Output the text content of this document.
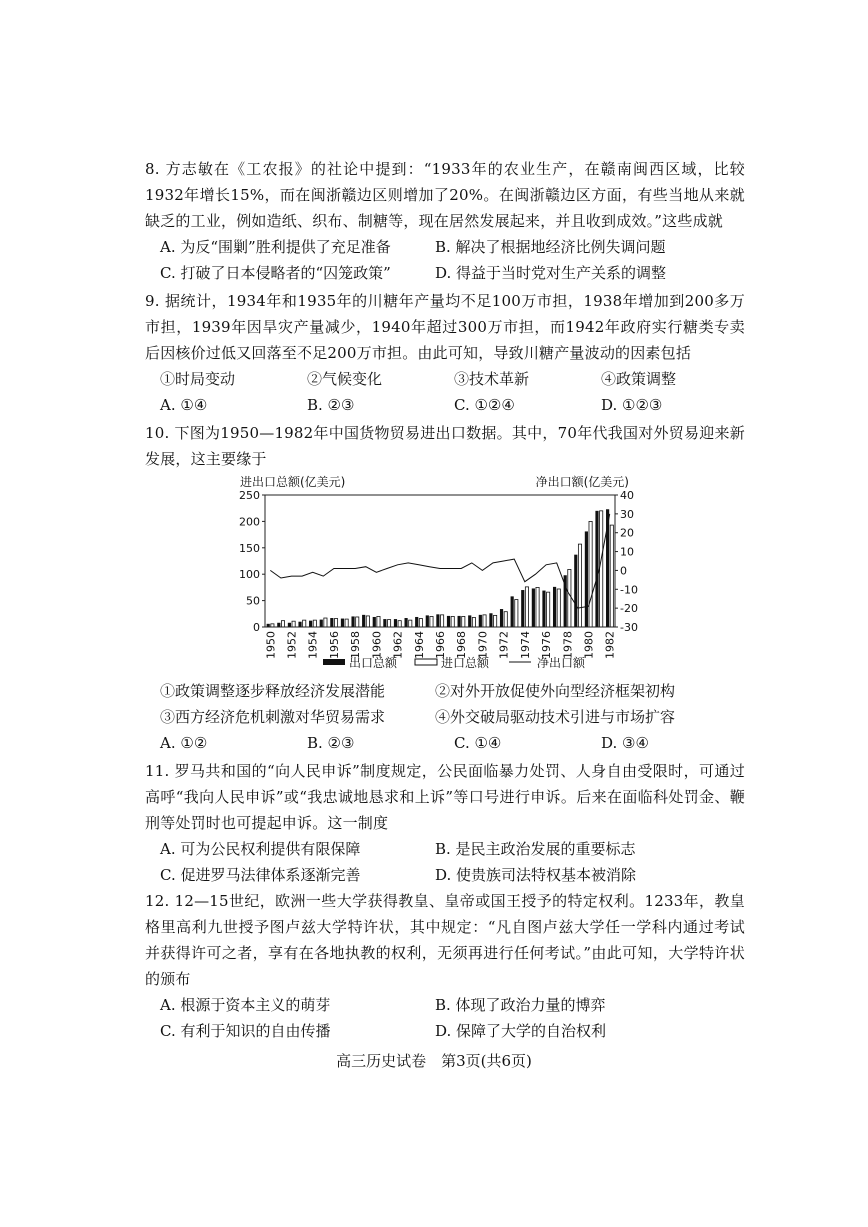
8. 方志敏在《工农报》的社论中提到：“1933年的农业生产，在赣南闽西区域，比较1932年增长15%，而在闽浙赣边区则增加了20%。在闽浙赣边区方面，有些当地从来就缺乏的工业，例如造纸、织布、制糖等，现在居然发展起来，并且收到成效。”这些成就

A. 为反“围剿”胜利提供了充足准备	B. 解决了根据地经济比例失调问题
C. 打破了日本侵略者的“囚笼政策”	D. 得益于当时党对生产关系的调整

9. 据统计，1934年和1935年的川糖年产量均不足100万市担，1938年增加到200多万市担，1939年因旱灾产量减少，1940年超过300万市担，而1942年政府实行糖类专卖后因核价过低又回落至不足200万市担。由此可知，导致川糖产量波动的因素包括

①时局变动	②气候变化	③技术革新	④政策调整
A. ①④	B. ②③	C. ①②④	D. ①②③

10. 下图为1950—1982年中国货物贸易进出口数据。其中，70年代我国对外贸易迎来新发展，这主要缘于

进出口总额(亿美元)	净出口额(亿美元)
0
50
100
150
200
250
-30
-20
-10
0
10
20
30
40
1950 1952 1954 1956 1958 1960 1962 1964 1966 1968 1970 1972 1974 1976 1978 1980 1982
出口总额	进口总额	净出口额
①政策调整逐步释放经济发展潜能	②对外开放促使外向型经济框架初构
③西方经济危机刺激对华贸易需求	④外交破局驱动技术引进与市场扩容
A. ①②	B. ②③	C. ①④	D. ③④

11. 罗马共和国的“向人民申诉”制度规定，公民面临暴力处罚、人身自由受限时，可通过高呼“我向人民申诉”或“我忠诚地恳求和上诉”等口号进行申诉。后来在面临科处罚金、鞭刑等处罚时也可提起申诉。这一制度

A. 可为公民权利提供有限保障	B. 是民主政治发展的重要标志
C. 促进罗马法律体系逐渐完善	D. 使贵族司法特权基本被消除

12. 12—15世纪，欧洲一些大学获得教皇、皇帝或国王授予的特定权利。1233年，教皇格里高利九世授予图卢兹大学特许状，其中规定：“凡自图卢兹大学任一学科内通过考试并获得许可之者，享有在各地执教的权利，无须再进行任何考试。”由此可知，大学特许状的颁布

A. 根源于资本主义的萌芽	B. 体现了政治力量的博弈
C. 有利于知识的自由传播	D. 保障了大学的自治权利
高三历史试卷　第3页(共6页)
